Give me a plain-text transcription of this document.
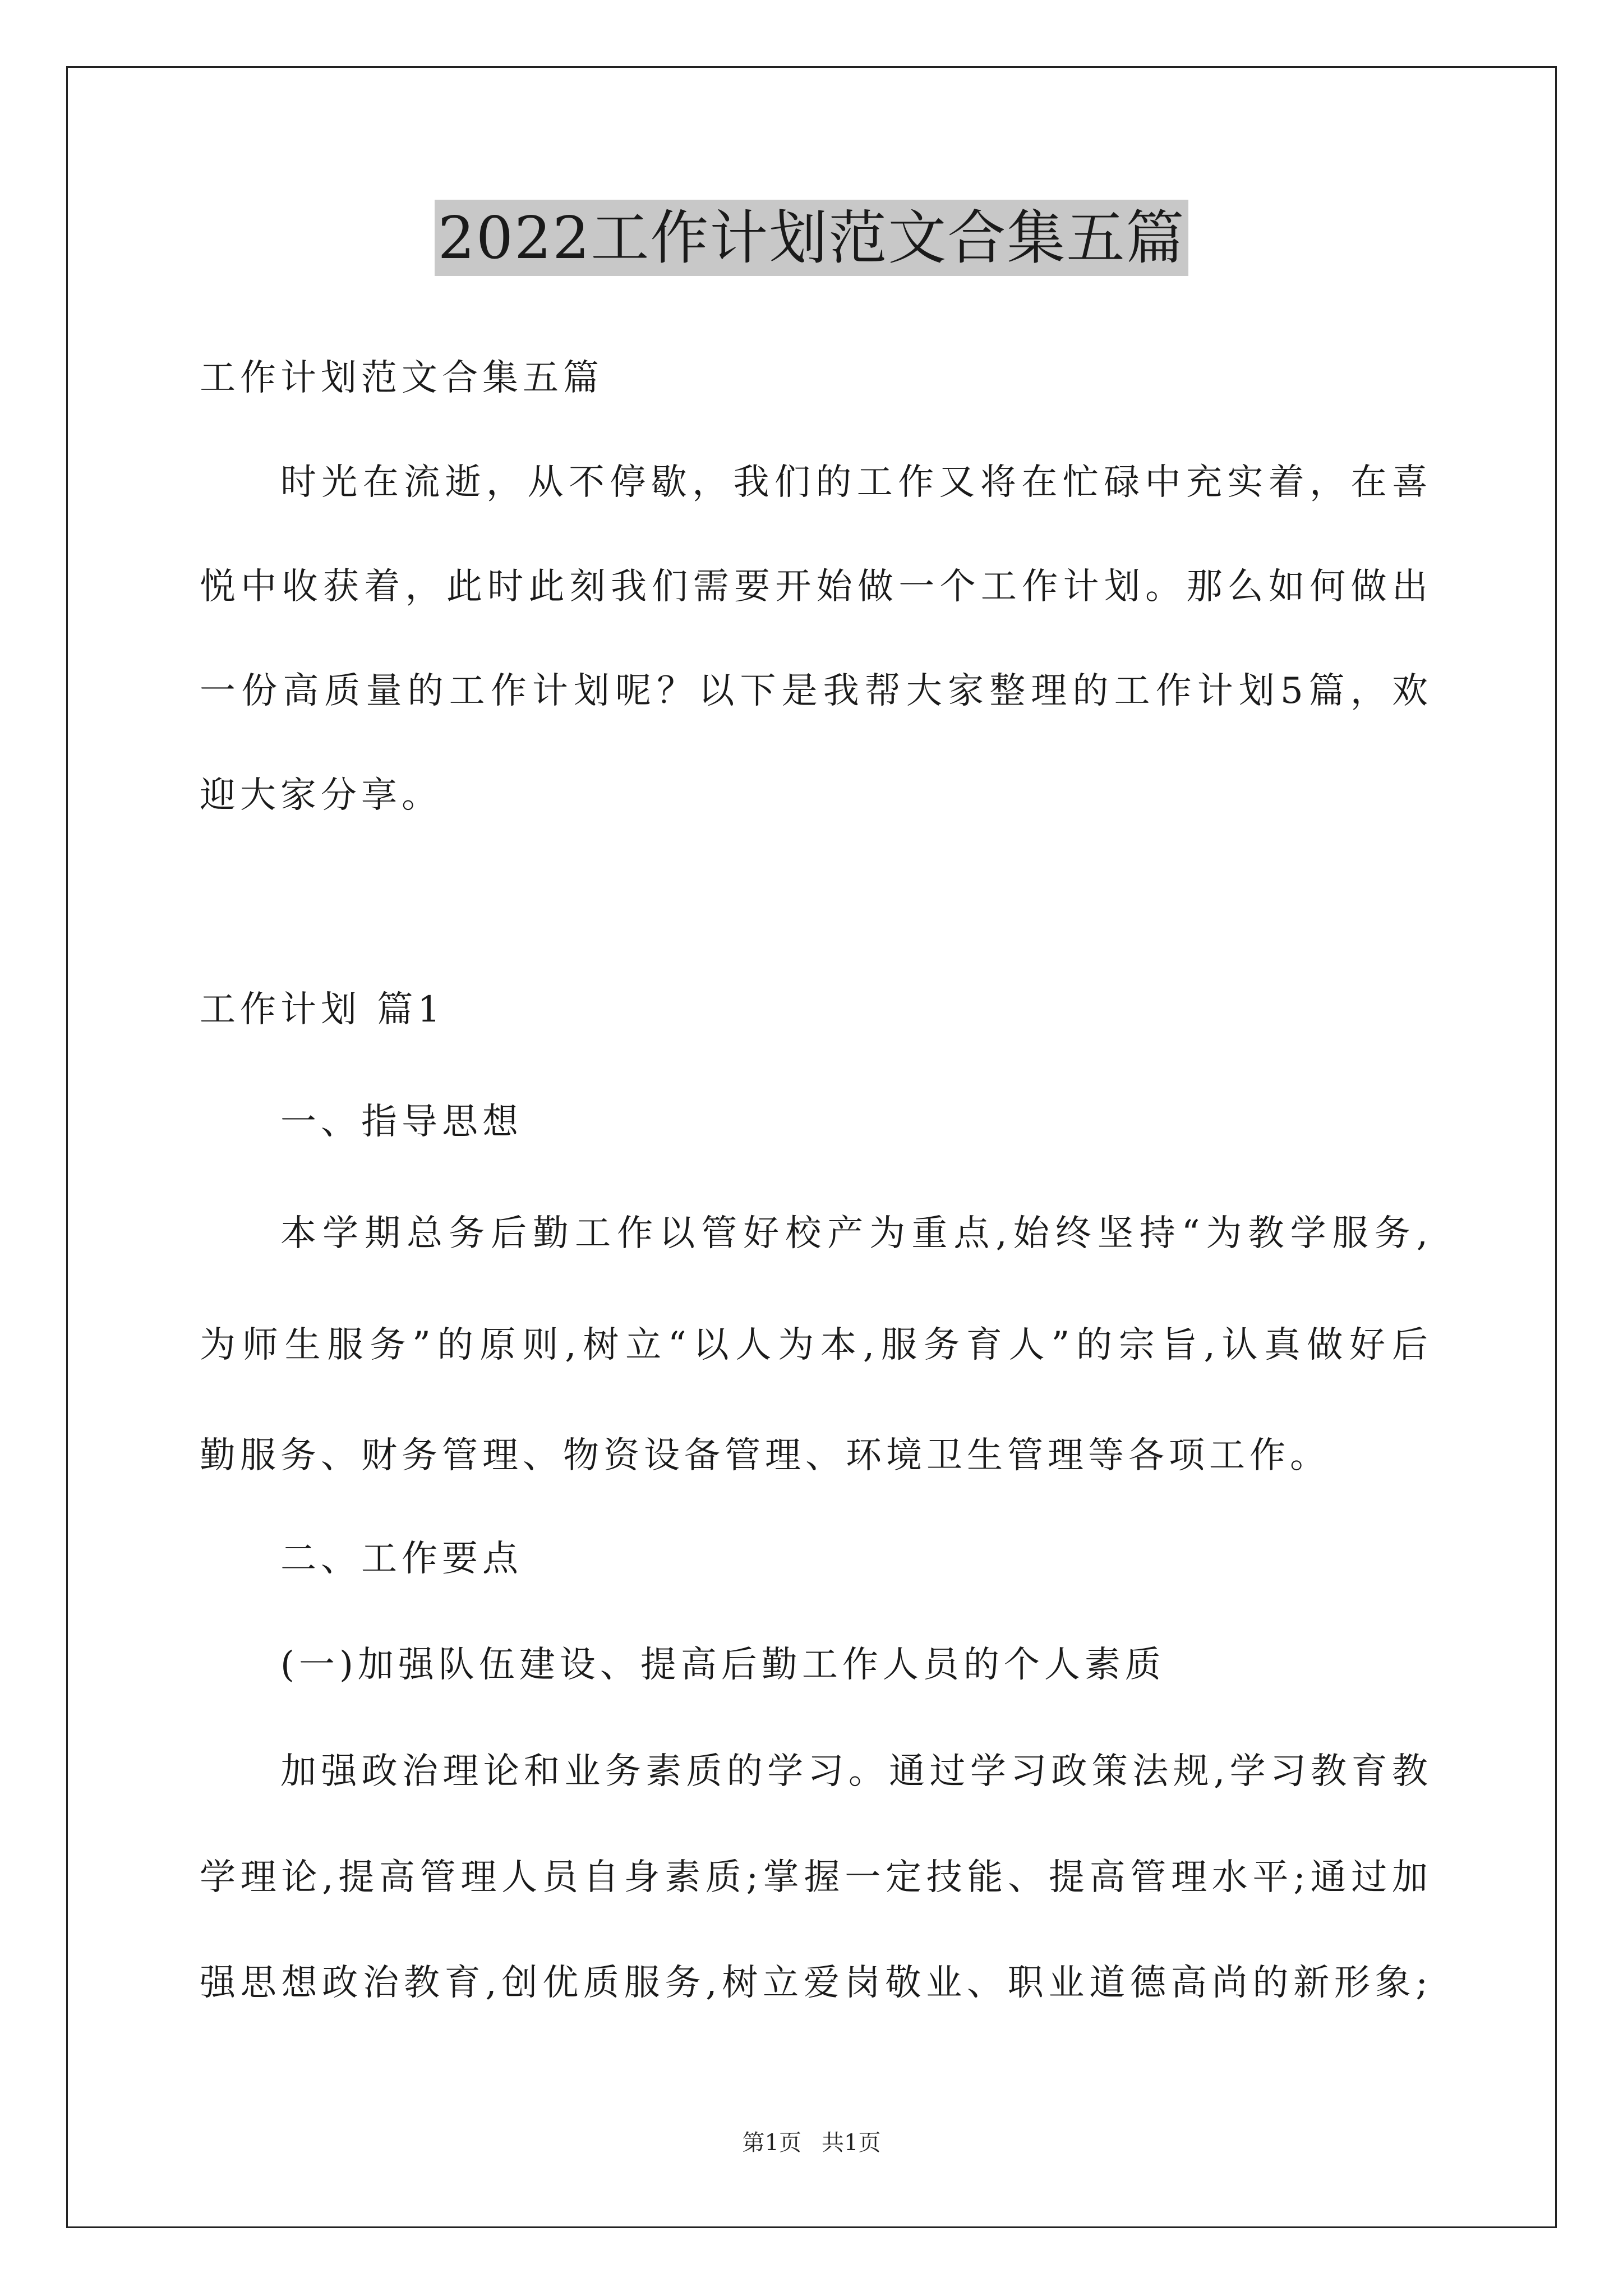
2022工作计划范文合集五篇
工作计划范文合集五篇
时光在流逝，从不停歇，我们的工作又将在忙碌中充实着，在喜
悦中收获着，此时此刻我们需要开始做一个工作计划。那么如何做出
一份高质量的工作计划呢？以下是我帮大家整理的工作计划5篇，欢
迎大家分享。
工作计划 篇1
一、指导思想
本学期总务后勤工作以管好校产为重点,始终坚持“为教学服务,
为师生服务”的原则,树立“以人为本,服务育人”的宗旨,认真做好后
勤服务、财务管理、物资设备管理、环境卫生管理等各项工作。
二、工作要点
(一)加强队伍建设、提高后勤工作人员的个人素质
加强政治理论和业务素质的学习。通过学习政策法规,学习教育教
学理论,提高管理人员自身素质;掌握一定技能、提高管理水平;通过加
强思想政治教育,创优质服务,树立爱岗敬业、职业道德高尚的新形象;
第1页 共1页
